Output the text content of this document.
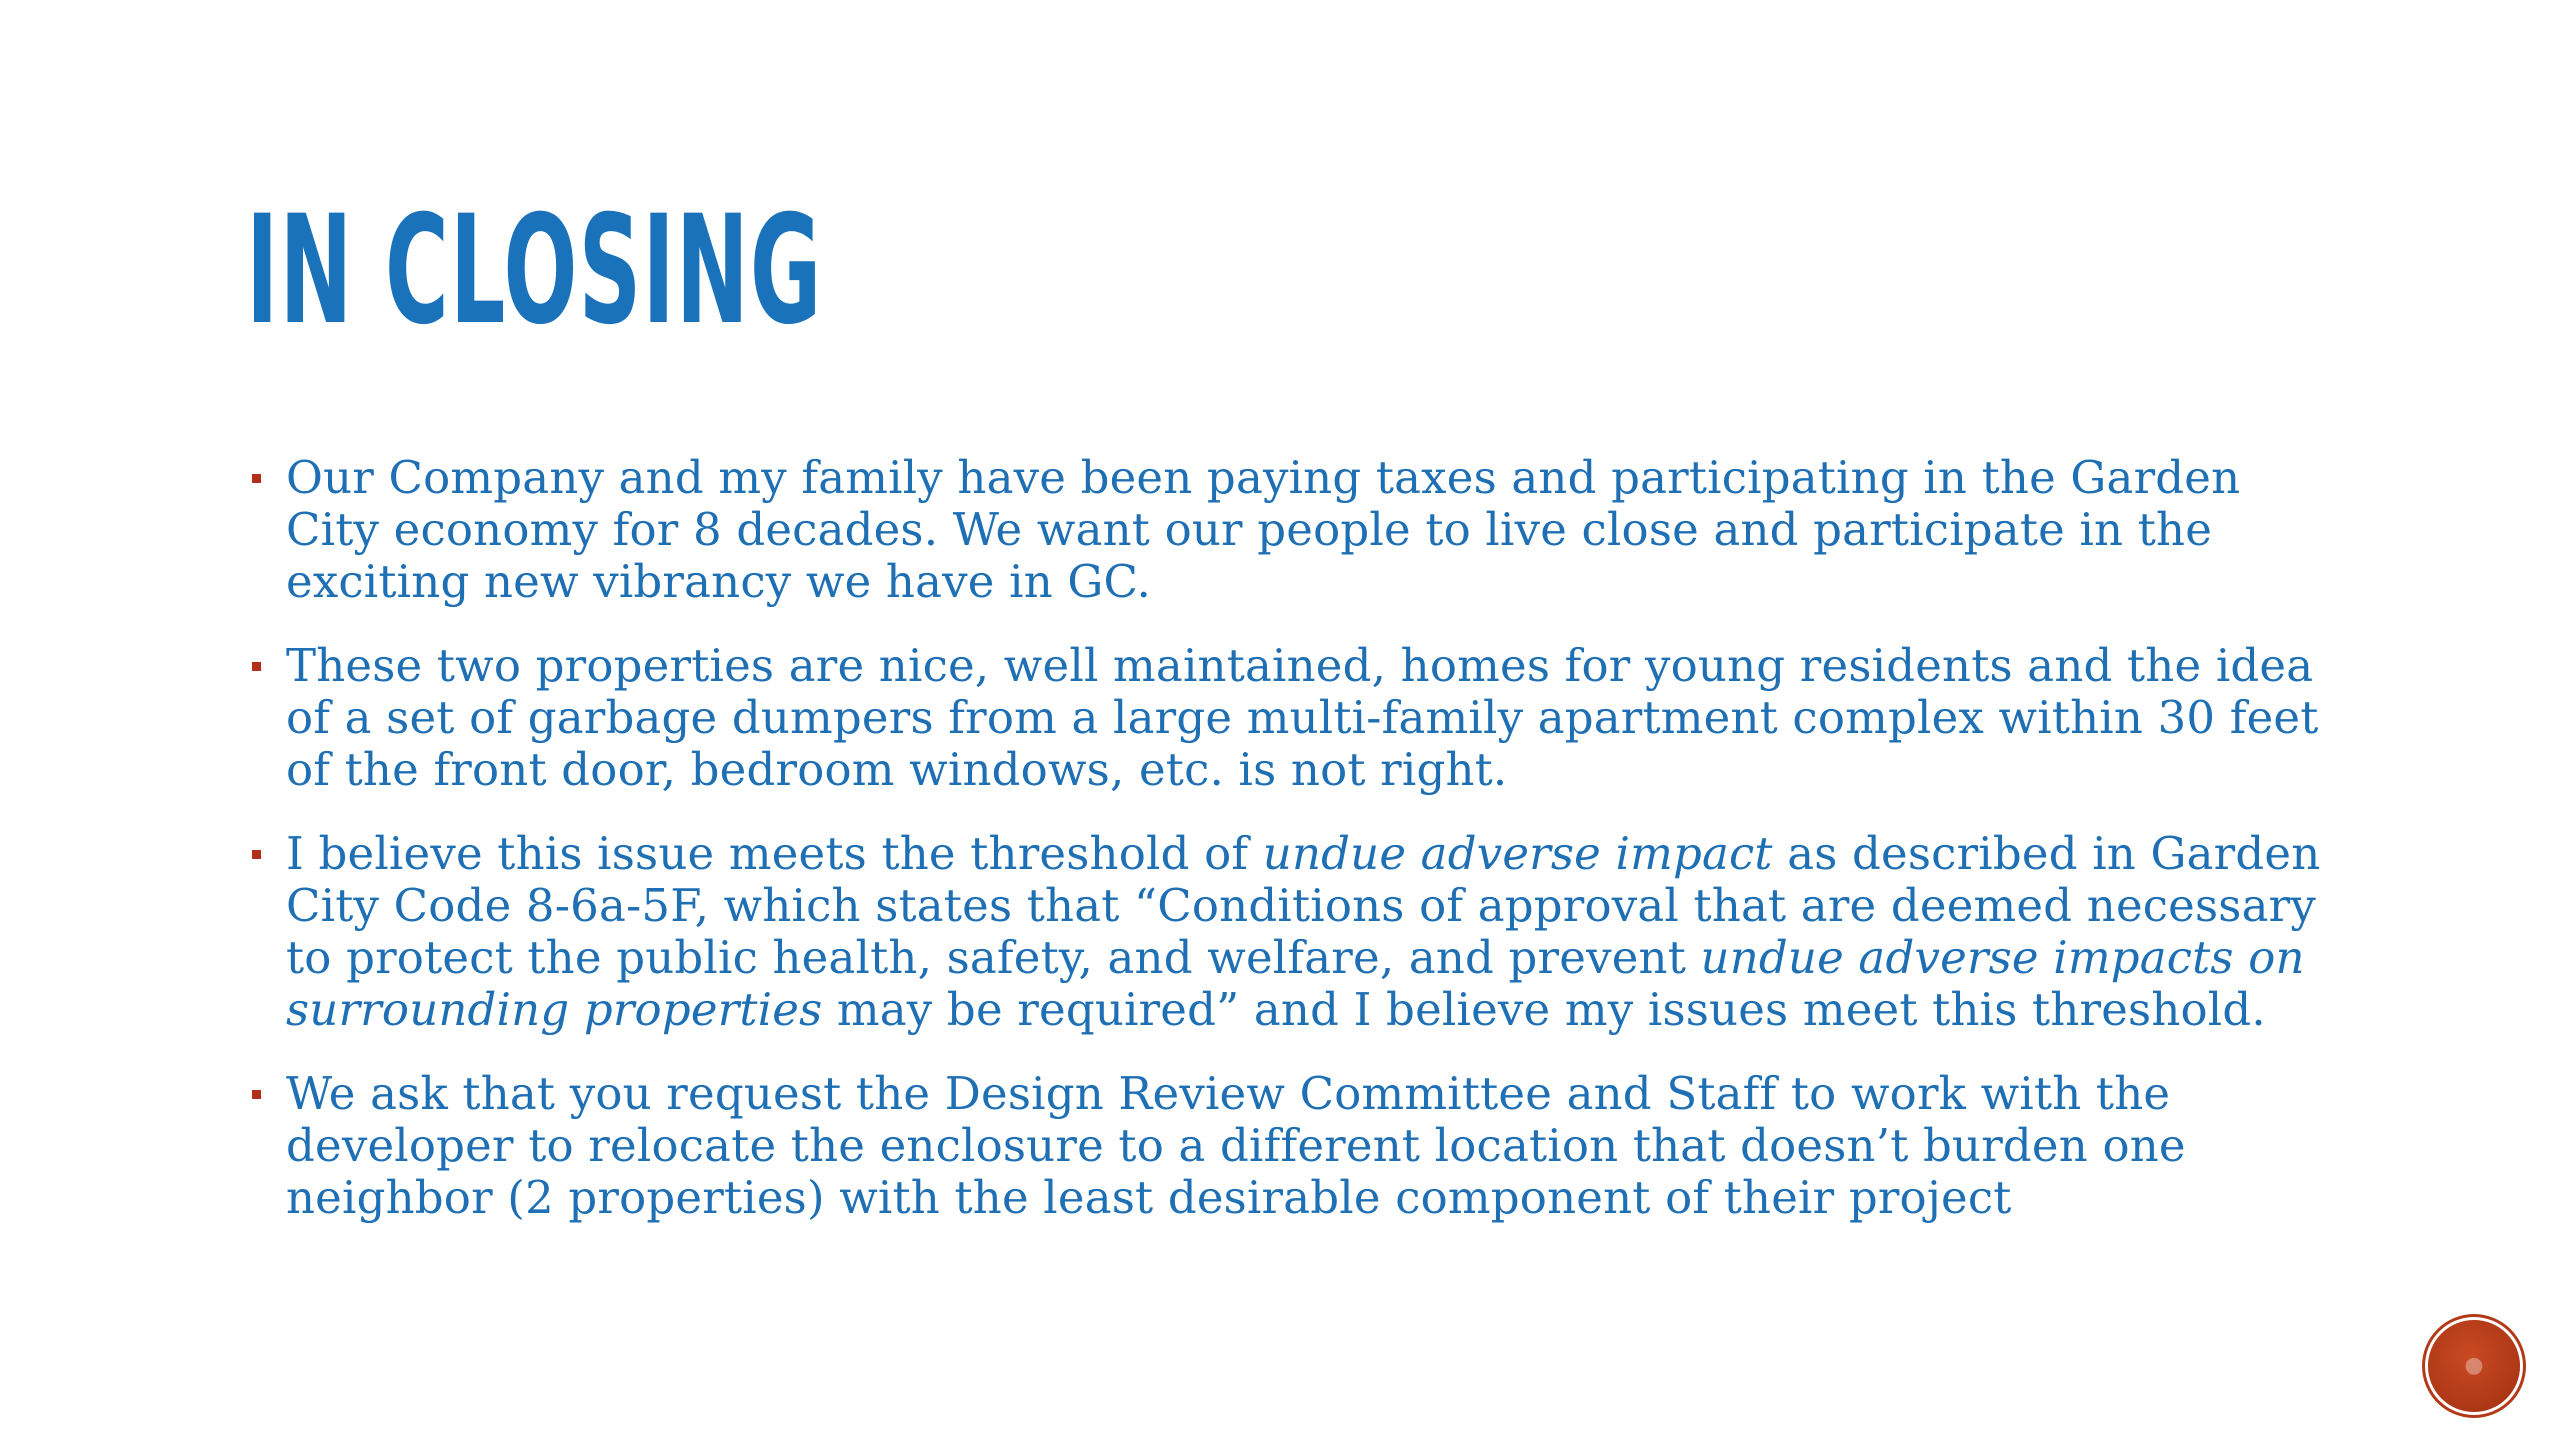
IN CLOSING
Our Company and my family have been paying taxes and participating in the Garden City economy for 8 decades. We want our people to live close and participate in the exciting new vibrancy we have in GC.
These two properties are nice, well maintained, homes for young residents and the idea of a set of garbage dumpers from a large multi-family apartment complex within 30 feet of the front door, bedroom windows, etc. is not right.
I believe this issue meets the threshold of undue adverse impact as described in Garden City Code 8-6a-5F, which states that “Conditions of approval that are deemed necessary to protect the public health, safety, and welfare, and prevent undue adverse impacts on surrounding properties may be required” and I believe my issues meet this threshold.
We ask that you request the Design Review Committee and Staff to work with the developer to relocate the enclosure to a different location that doesn’t burden one neighbor (2 properties) with the least desirable component of their project
●
